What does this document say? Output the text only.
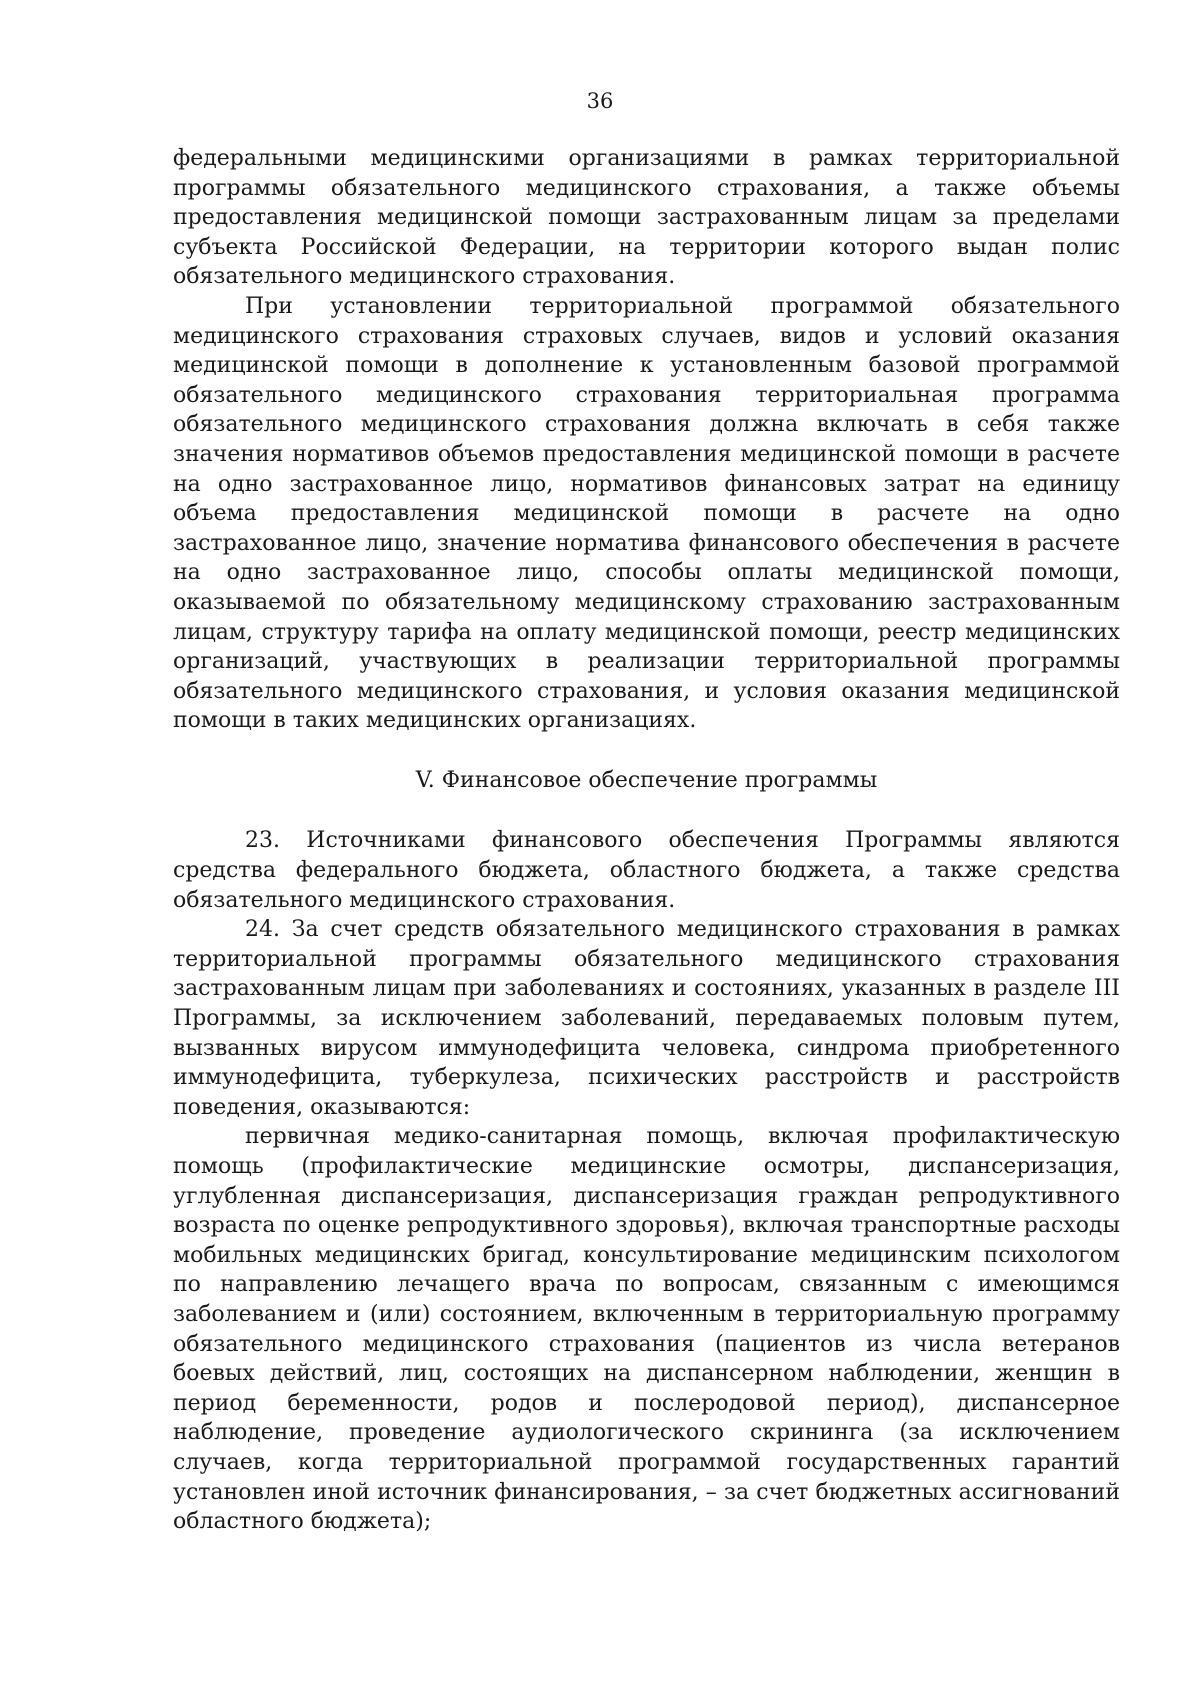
36

федеральными медицинскими организациями в рамках территориальной программы обязательного медицинского страхования, а также объемы предоставления медицинской помощи застрахованным лицам за пределами субъекта Российской Федерации, на территории которого выдан полис обязательного медицинского страхования.

При установлении территориальной программой обязательного медицинского страхования страховых случаев, видов и условий оказания медицинской помощи в дополнение к установленным базовой программой обязательного медицинского страхования территориальная программа обязательного медицинского страхования должна включать в себя также значения нормативов объемов предоставления медицинской помощи в расчете на одно застрахованное лицо, нормативов финансовых затрат на единицу объема предоставления медицинской помощи в расчете на одно застрахованное лицо, значение норматива финансового обеспечения в расчете на одно застрахованное лицо, способы оплаты медицинской помощи, оказываемой по обязательному медицинскому страхованию застрахованным лицам, структуру тарифа на оплату медицинской помощи, реестр медицинских организаций, участвующих в реализации территориальной программы обязательного медицинского страхования, и условия оказания медицинской помощи в таких медицинских организациях.

V. Финансовое обеспечение программы

23. Источниками финансового обеспечения Программы являются средства федерального бюджета, областного бюджета, а также средства обязательного медицинского страхования.

24. За счет средств обязательного медицинского страхования в рамках территориальной программы обязательного медицинского страхования застрахованным лицам при заболеваниях и состояниях, указанных в разделе III Программы, за исключением заболеваний, передаваемых половым путем, вызванных вирусом иммунодефицита человека, синдрома приобретенного иммунодефицита, туберкулеза, психических расстройств и расстройств поведения, оказываются:

первичная медико-санитарная помощь, включая профилактическую помощь (профилактические медицинские осмотры, диспансеризация, углубленная диспансеризация, диспансеризация граждан репродуктивного возраста по оценке репродуктивного здоровья), включая транспортные расходы мобильных медицинских бригад, консультирование медицинским психологом по направлению лечащего врача по вопросам, связанным с имеющимся заболеванием и (или) состоянием, включенным в территориальную программу обязательного медицинского страхования (пациентов из числа ветеранов боевых действий, лиц, состоящих на диспансерном наблюдении, женщин в период беременности, родов и послеродовой период), диспансерное наблюдение, проведение аудиологического скрининга (за исключением случаев, когда территориальной программой государственных гарантий установлен иной источник финансирования, – за счет бюджетных ассигнований областного бюджета);
